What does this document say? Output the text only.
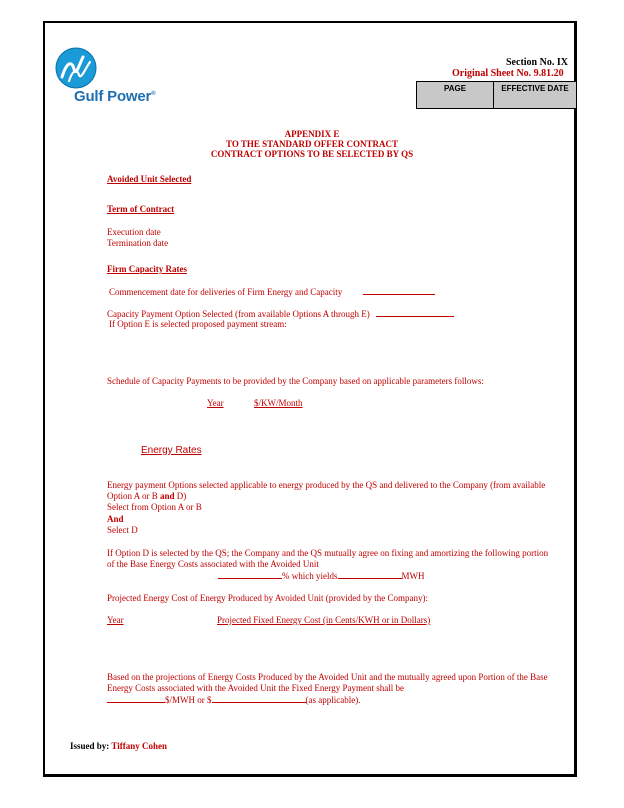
Gulf Power®
Section No. IX
Original Sheet No. 9.81.20
PAGE	EFFECTIVE DATE
APPENDIX E
TO THE STANDARD OFFER CONTRACT
CONTRACT OPTIONS TO BE SELECTED BY QS
Avoided Unit Selected
Term of Contract
Execution date
Termination date
Firm Capacity Rates
Commencement date for deliveries of Firm Energy and Capacity
Capacity Payment Option Selected (from available Options A through E)
If Option E is selected proposed payment stream:
Schedule of Capacity Payments to be provided by the Company based on applicable parameters follows:
Year	$/KW/Month
Energy Rates
Energy payment Options selected applicable to energy produced by the QS and delivered to the Company (from available
Option A or B and D)
Select from Option A or B
And
Select D
If Option D is selected by the QS; the Company and the QS mutually agree on fixing and amortizing the following portion
of the Base Energy Costs associated with the Avoided Unit
% which yields	MWH
Projected Energy Cost of Energy Produced by Avoided Unit (provided by the Company):
Year	Projected Fixed Energy Cost (in Cents/KWH or in Dollars)
Based on the projections of Energy Costs Produced by the Avoided Unit and the mutually agreed upon Portion of the Base
Energy Costs associated with the Avoided Unit the Fixed Energy Payment shall be
$/MWH or $	(as applicable).
Issued by: Tiffany Cohen
